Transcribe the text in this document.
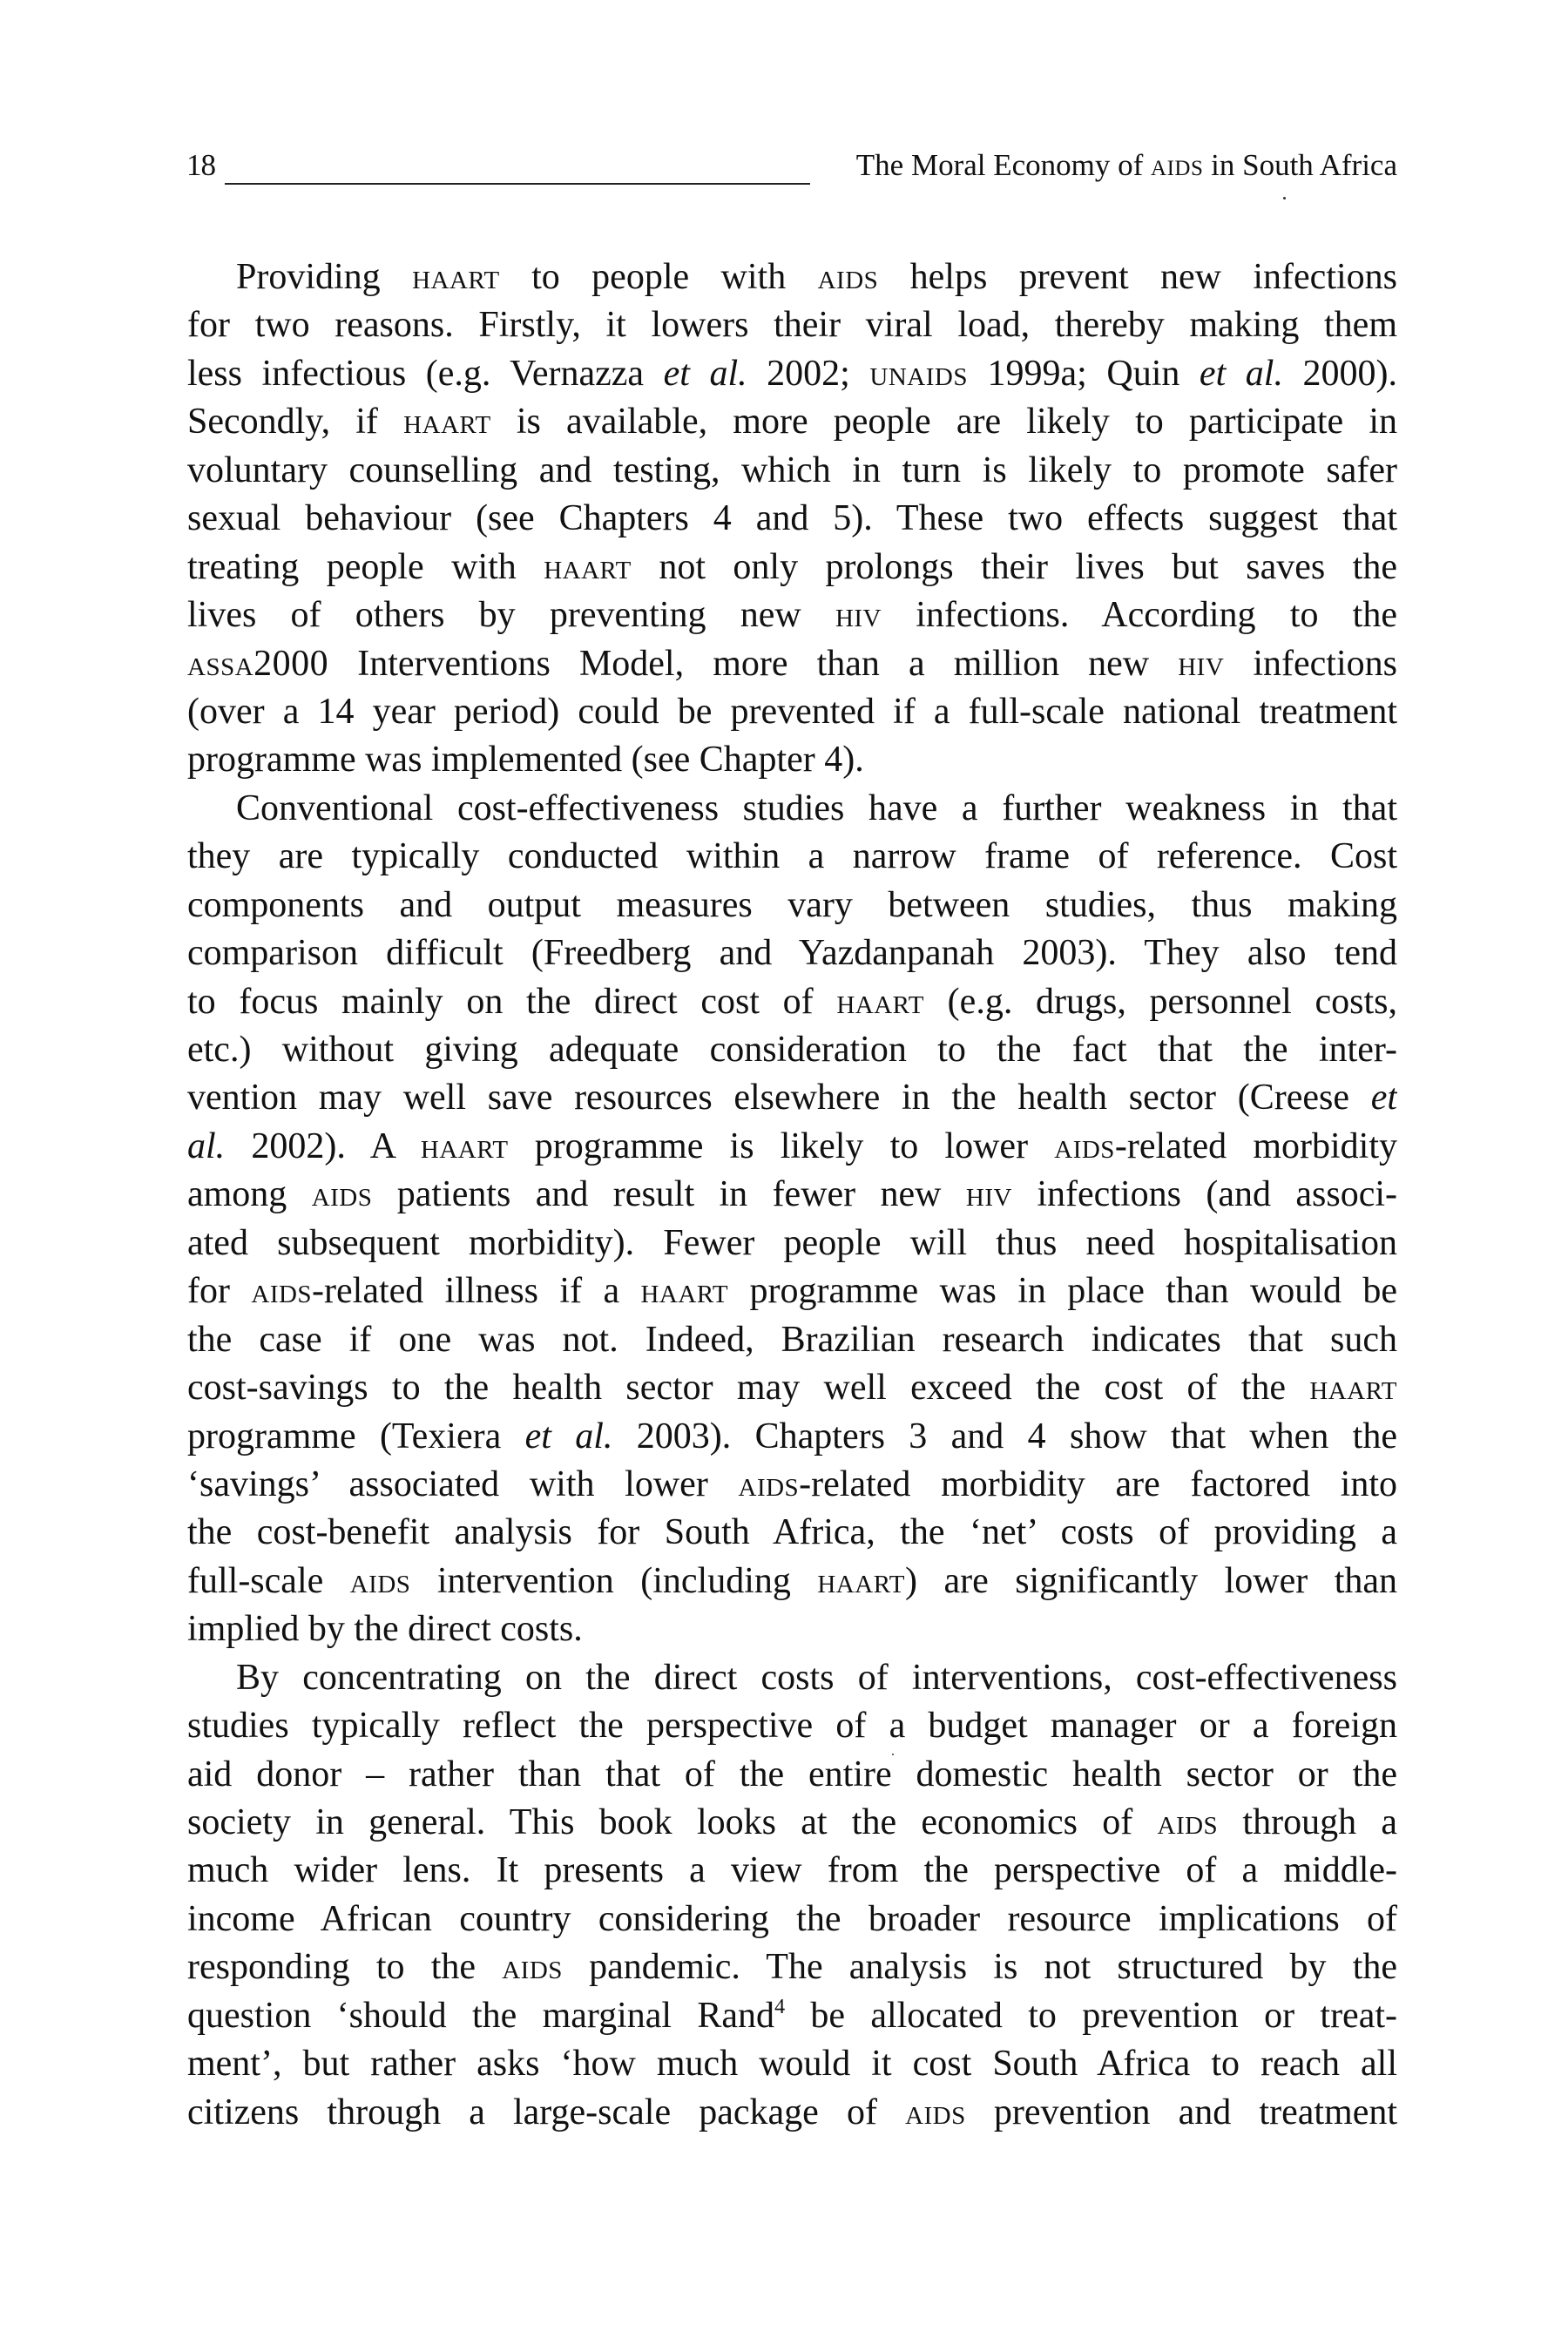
18	The Moral Economy of aids in South Africa
Providing haart to people with aids helps prevent new infections
for two reasons. Firstly, it lowers their viral load, thereby making them
less infectious (e.g. Vernazza et al. 2002; unaids 1999a; Quin et al. 2000).
Secondly, if haart is available, more people are likely to participate in
voluntary counselling and testing, which in turn is likely to promote safer
sexual behaviour (see Chapters 4 and 5). These two effects suggest that
treating people with haart not only prolongs their lives but saves the
lives of others by preventing new hiv infections. According to the
assa2000 Interventions Model, more than a million new hiv infections
(over a 14 year period) could be prevented if a full-scale national treatment
programme was implemented (see Chapter 4).
Conventional cost-effectiveness studies have a further weakness in that
they are typically conducted within a narrow frame of reference. Cost
components and output measures vary between studies, thus making
comparison difficult (Freedberg and Yazdanpanah 2003). They also tend
to focus mainly on the direct cost of haart (e.g. drugs, personnel costs,
etc.) without giving adequate consideration to the fact that the inter-
vention may well save resources elsewhere in the health sector (Creese et
al. 2002). A haart programme is likely to lower aids-related morbidity
among aids patients and result in fewer new hiv infections (and associ-
ated subsequent morbidity). Fewer people will thus need hospitalisation
for aids-related illness if a haart programme was in place than would be
the case if one was not. Indeed, Brazilian research indicates that such
cost-savings to the health sector may well exceed the cost of the haart
programme (Texiera et al. 2003). Chapters 3 and 4 show that when the
‘savings’ associated with lower aids-related morbidity are factored into
the cost-benefit analysis for South Africa, the ‘net’ costs of providing a
full-scale aids intervention (including haart) are significantly lower than
implied by the direct costs.
By concentrating on the direct costs of interventions, cost-effectiveness
studies typically reflect the perspective of a budget manager or a foreign
aid donor – rather than that of the entire domestic health sector or the
society in general. This book looks at the economics of aids through a
much wider lens. It presents a view from the perspective of a middle-
income African country considering the broader resource implications of
responding to the aids pandemic. The analysis is not structured by the
question ‘should the marginal Rand$^4$ be allocated to prevention or treat-
ment’, but rather asks ‘how much would it cost South Africa to reach all
citizens through a large-scale package of aids prevention and treatment
